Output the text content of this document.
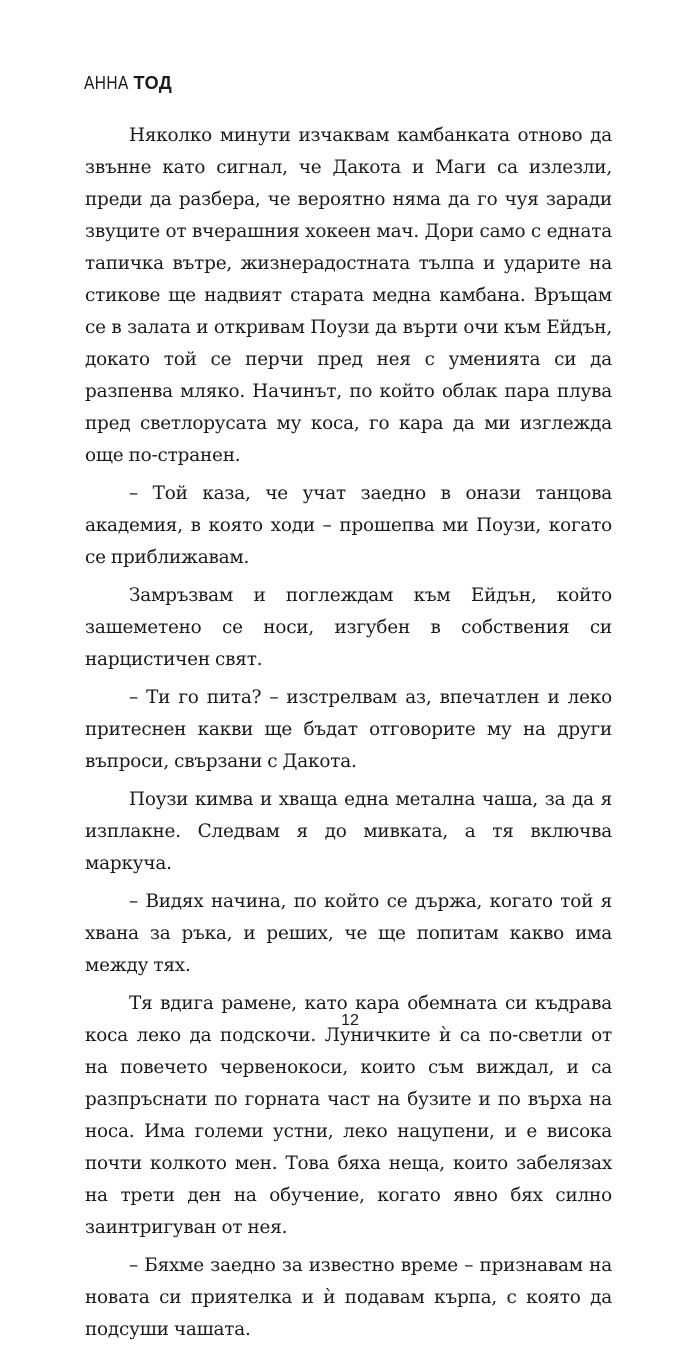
АННА ТОД

Няколко минути изчаквам камбанката отново да звънне като сигнал, че Дакота и Маги са излезли, преди да разбера, че вероятно няма да го чуя заради звуците от вчерашния хокеен мач. Дори само с едната тапичка вътре, жизнерадостната тълпа и ударите на стикове ще надвият старата медна камбана. Връщам се в залата и откривам Поузи да върти очи към Ейдън, докато той се перчи пред нея с уменията си да разпенва мляко. Начинът, по който облак пара плува пред светлорусата му коса, го кара да ми изглежда още по-странен.

– Той каза, че учат заедно в онази танцова академия, в която ходи – прошепва ми Поузи, когато се приближавам.

Замръзвам и поглеждам към Ейдън, който зашеметено се носи, изгубен в собствения си нарцистичен свят.

– Ти го пита? – изстрелвам аз, впечатлен и леко притеснен какви ще бъдат отговорите му на други въпроси, свързани с Дакота.

Поузи кимва и хваща една метална чаша, за да я изплакне. Следвам я до мивката, а тя включва маркуча.

– Видях начина, по който се държа, когато той я хвана за ръка, и реших, че ще попитам какво има между тях.

Тя вдига рамене, като кара обемната си къдрава коса леко да подскочи. Луничките ѝ са по-светли от на повечето червенокоси, които съм виждал, и са разпръснати по горната част на бузите и по върха на носа. Има големи устни, леко нацупени, и е висока почти колкото мен. Това бяха неща, които забелязах на трети ден на обучение, когато явно бях силно заинтригуван от нея.

– Бяхме заедно за известно време – признавам на новата си приятелка и ѝ подавам кърпа, с която да подсуши чашата.

12
